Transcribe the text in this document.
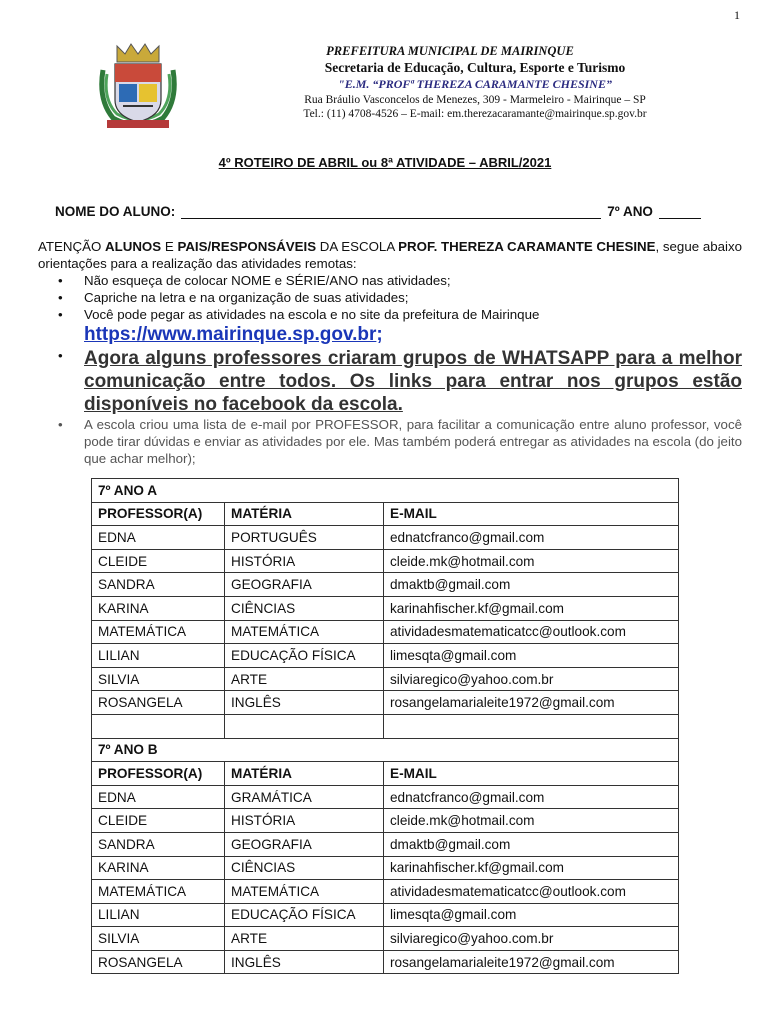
1
PREFEITURA MUNICIPAL DE MAIRINQUE
Secretaria de Educação, Cultura, Esporte e Turismo
"E.M. “PROFª THEREZA CARAMANTE CHESINE”
Rua Bráulio Vasconcelos de Menezes, 309 - Marmeleiro - Mairinque – SP
Tel.: (11) 4708-4526 – E-mail: em.therezacaramante@mairinque.sp.gov.br
4º ROTEIRO DE ABRIL ou 8ª ATIVIDADE – ABRIL/2021
NOME DO ALUNO:	7º ANO
ATENÇÃO ALUNOS E PAIS/RESPONSÁVEIS DA ESCOLA PROF. THEREZA CARAMANTE CHESINE, segue abaixo orientações para a realização das atividades remotas:
• Não esqueça de colocar NOME e SÉRIE/ANO nas atividades;
• Capriche na letra e na organização de suas atividades;
• Você pode pegar as atividades na escola e no site da prefeitura de Mairinque
https://www.mairinque.sp.gov.br;
• Agora alguns professores criaram grupos de WHATSAPP para a melhor comunicação entre todos. Os links para entrar nos grupos estão disponíveis no facebook da escola.
• A escola criou uma lista de e-mail por PROFESSOR, para facilitar a comunicação entre aluno professor, você pode tirar dúvidas e enviar as atividades por ele. Mas também poderá entregar as atividades na escola (do jeito que achar melhor);
7º ANO A		
PROFESSOR(A)	MATÉRIA	E-MAIL
EDNA	PORTUGUÊS	ednatcfranco@gmail.com
CLEIDE	HISTÓRIA	cleide.mk@hotmail.com
SANDRA	GEOGRAFIA	dmaktb@gmail.com
KARINA	CIÊNCIAS	karinahfischer.kf@gmail.com
MATEMÁTICA	MATEMÁTICA	atividadesmatematicatcc@outlook.com
LILIAN	EDUCAÇÃO FÍSICA	limesqta@gmail.com
SILVIA	ARTE	silviaregico@yahoo.com.br
ROSANGELA	INGLÊS	rosangelamarialeite1972@gmail.com

7º ANO B		
PROFESSOR(A)	MATÉRIA	E-MAIL
EDNA	GRAMÁTICA	ednatcfranco@gmail.com
CLEIDE	HISTÓRIA	cleide.mk@hotmail.com
SANDRA	GEOGRAFIA	dmaktb@gmail.com
KARINA	CIÊNCIAS	karinahfischer.kf@gmail.com
MATEMÁTICA	MATEMÁTICA	atividadesmatematicatcc@outlook.com
LILIAN	EDUCAÇÃO FÍSICA	limesqta@gmail.com
SILVIA	ARTE	silviaregico@yahoo.com.br
ROSANGELA	INGLÊS	rosangelamarialeite1972@gmail.com
